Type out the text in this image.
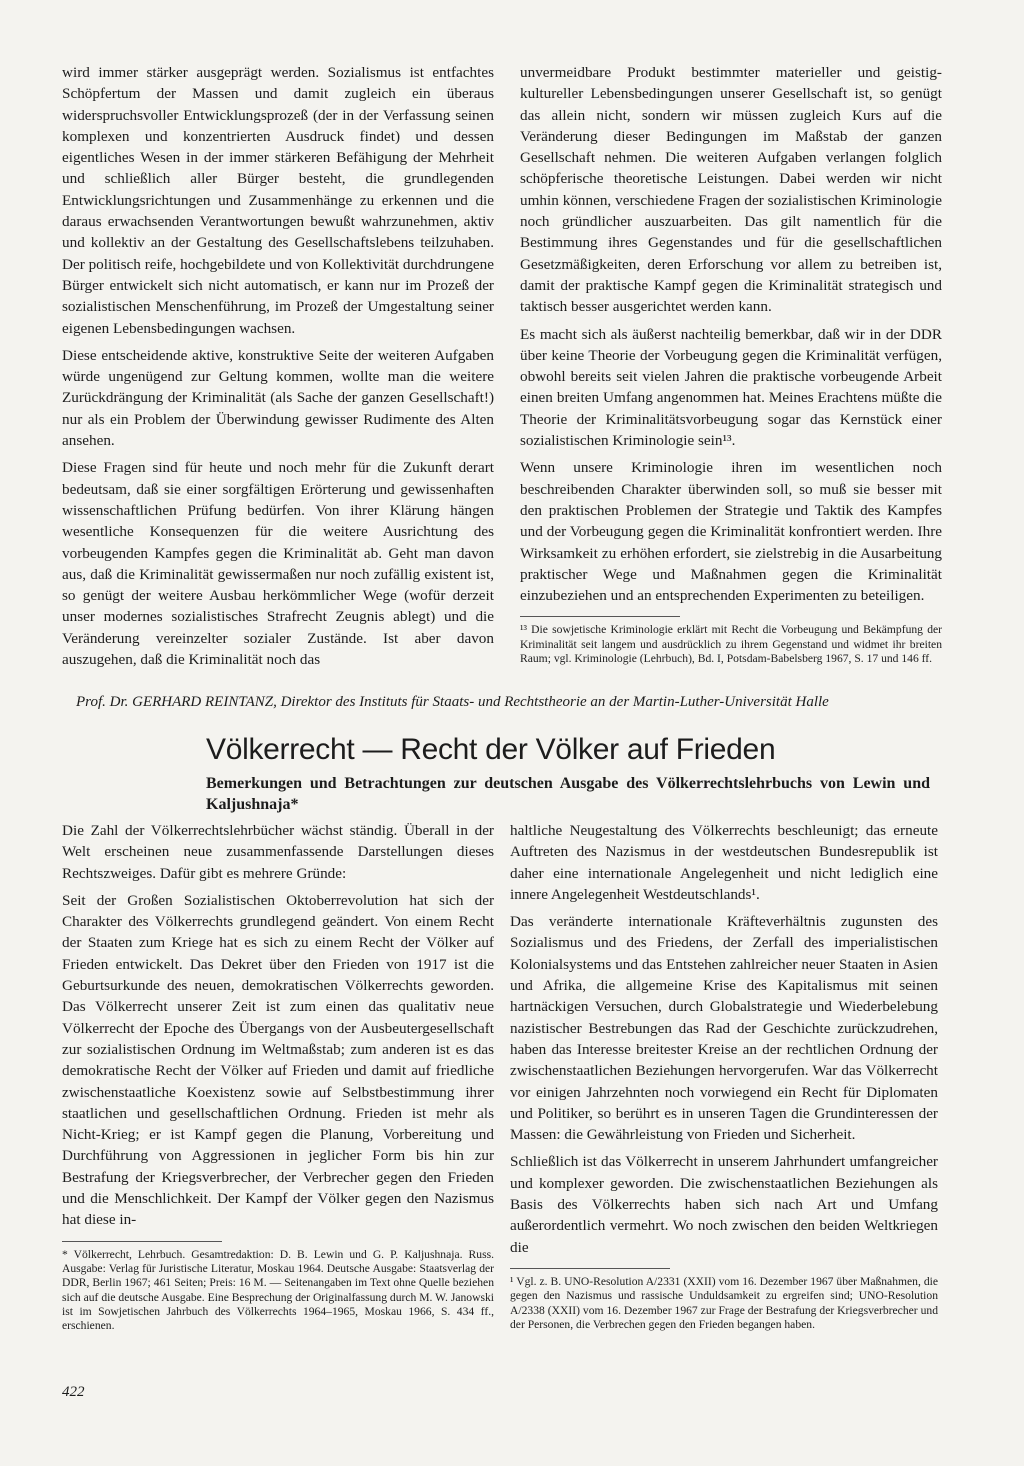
wird immer stärker ausgeprägt werden. Sozialismus ist entfachtes Schöpfertum der Massen und damit zugleich ein überaus widerspruchsvoller Entwicklungsprozeß (der in der Verfassung seinen komplexen und konzentrierten Ausdruck findet) und dessen eigentliches Wesen in der immer stärkeren Befähigung der Mehrheit und schließlich aller Bürger besteht, die grundlegenden Entwicklungsrichtungen und Zusammenhänge zu erkennen und die daraus erwachsenden Verantwortungen bewußt wahrzunehmen, aktiv und kollektiv an der Gestaltung des Gesellschaftslebens teilzuhaben. Der politisch reife, hochgebildete und von Kollektivität durchdrungene Bürger entwickelt sich nicht automatisch, er kann nur im Prozeß der sozialistischen Menschenführung, im Prozeß der Umgestaltung seiner eigenen Lebensbedingungen wachsen.

Diese entscheidende aktive, konstruktive Seite der weiteren Aufgaben würde ungenügend zur Geltung kommen, wollte man die weitere Zurückdrängung der Kriminalität (als Sache der ganzen Gesellschaft!) nur als ein Problem der Überwindung gewisser Rudimente des Alten ansehen.

Diese Fragen sind für heute und noch mehr für die Zukunft derart bedeutsam, daß sie einer sorgfältigen Erörterung und gewissenhaften wissenschaftlichen Prüfung bedürfen. Von ihrer Klärung hängen wesentliche Konsequenzen für die weitere Ausrichtung des vorbeugenden Kampfes gegen die Kriminalität ab. Geht man davon aus, daß die Kriminalität gewissermaßen nur noch zufällig existent ist, so genügt der weitere Ausbau herkömmlicher Wege (wofür derzeit unser modernes sozialistisches Strafrecht Zeugnis ablegt) und die Veränderung vereinzelter sozialer Zustände. Ist aber davon auszugehen, daß die Kriminalität noch das

unvermeidbare Produkt bestimmter materieller und geistig-kultureller Lebensbedingungen unserer Gesellschaft ist, so genügt das allein nicht, sondern wir müssen zugleich Kurs auf die Veränderung dieser Bedingungen im Maßstab der ganzen Gesellschaft nehmen. Die weiteren Aufgaben verlangen folglich schöpferische theoretische Leistungen. Dabei werden wir nicht umhin können, verschiedene Fragen der sozialistischen Kriminologie noch gründlicher auszuarbeiten. Das gilt namentlich für die Bestimmung ihres Gegenstandes und für die gesellschaftlichen Gesetzmäßigkeiten, deren Erforschung vor allem zu betreiben ist, damit der praktische Kampf gegen die Kriminalität strategisch und taktisch besser ausgerichtet werden kann.

Es macht sich als äußerst nachteilig bemerkbar, daß wir in der DDR über keine Theorie der Vorbeugung gegen die Kriminalität verfügen, obwohl bereits seit vielen Jahren die praktische vorbeugende Arbeit einen breiten Umfang angenommen hat. Meines Erachtens müßte die Theorie der Kriminalitätsvorbeugung sogar das Kernstück einer sozialistischen Kriminologie sein¹³.

Wenn unsere Kriminologie ihren im wesentlichen noch beschreibenden Charakter überwinden soll, so muß sie besser mit den praktischen Problemen der Strategie und Taktik des Kampfes und der Vorbeugung gegen die Kriminalität konfrontiert werden. Ihre Wirksamkeit zu erhöhen erfordert, sie zielstrebig in die Ausarbeitung praktischer Wege und Maßnahmen gegen die Kriminalität einzubeziehen und an entsprechenden Experimenten zu beteiligen.

¹³ Die sowjetische Kriminologie erklärt mit Recht die Vorbeugung und Bekämpfung der Kriminalität seit langem und ausdrücklich zu ihrem Gegenstand und widmet ihr breiten Raum; vgl. Kriminologie (Lehrbuch), Bd. I, Potsdam-Babelsberg 1967, S. 17 und 146 ff.
Prof. Dr. GERHARD REINTANZ, Direktor des Instituts für Staats- und Rechtstheorie an der Martin-Luther-Universität Halle
Völkerrecht — Recht der Völker auf Frieden
Bemerkungen und Betrachtungen zur deutschen Ausgabe des Völkerrechtslehrbuchs von Lewin und Kaljushnaja*

Die Zahl der Völkerrechtslehrbücher wächst ständig. Überall in der Welt erscheinen neue zusammenfassende Darstellungen dieses Rechtszweiges. Dafür gibt es mehrere Gründe:

Seit der Großen Sozialistischen Oktoberrevolution hat sich der Charakter des Völkerrechts grundlegend geändert. Von einem Recht der Staaten zum Kriege hat es sich zu einem Recht der Völker auf Frieden entwickelt. Das Dekret über den Frieden von 1917 ist die Geburtsurkunde des neuen, demokratischen Völkerrechts geworden. Das Völkerrecht unserer Zeit ist zum einen das qualitativ neue Völkerrecht der Epoche des Übergangs von der Ausbeutergesellschaft zur sozialistischen Ordnung im Weltmaßstab; zum anderen ist es das demokratische Recht der Völker auf Frieden und damit auf friedliche zwischenstaatliche Koexistenz sowie auf Selbstbestimmung ihrer staatlichen und gesellschaftlichen Ordnung. Frieden ist mehr als Nicht-Krieg; er ist Kampf gegen die Planung, Vorbereitung und Durchführung von Aggressionen in jeglicher Form bis hin zur Bestrafung der Kriegsverbrecher, der Verbrecher gegen den Frieden und die Menschlichkeit. Der Kampf der Völker gegen den Nazismus hat diese in-

* Völkerrecht, Lehrbuch. Gesamtredaktion: D. B. Lewin und G. P. Kaljushnaja. Russ. Ausgabe: Verlag für Juristische Literatur, Moskau 1964. Deutsche Ausgabe: Staatsverlag der DDR, Berlin 1967; 461 Seiten; Preis: 16 M. — Seitenangaben im Text ohne Quelle beziehen sich auf die deutsche Ausgabe. Eine Besprechung der Originalfassung durch M. W. Janowski ist im Sowjetischen Jahrbuch des Völkerrechts 1964–1965, Moskau 1966, S. 434 ff., erschienen.

haltliche Neugestaltung des Völkerrechts beschleunigt; das erneute Auftreten des Nazismus in der westdeutschen Bundesrepublik ist daher eine internationale Angelegenheit und nicht lediglich eine innere Angelegenheit Westdeutschlands¹.

Das veränderte internationale Kräfteverhältnis zugunsten des Sozialismus und des Friedens, der Zerfall des imperialistischen Kolonialsystems und das Entstehen zahlreicher neuer Staaten in Asien und Afrika, die allgemeine Krise des Kapitalismus mit seinen hartnäckigen Versuchen, durch Globalstrategie und Wiederbelebung nazistischer Bestrebungen das Rad der Geschichte zurückzudrehen, haben das Interesse breitester Kreise an der rechtlichen Ordnung der zwischenstaatlichen Beziehungen hervorgerufen. War das Völkerrecht vor einigen Jahrzehnten noch vorwiegend ein Recht für Diplomaten und Politiker, so berührt es in unseren Tagen die Grundinteressen der Massen: die Gewährleistung von Frieden und Sicherheit.

Schließlich ist das Völkerrecht in unserem Jahrhundert umfangreicher und komplexer geworden. Die zwischenstaatlichen Beziehungen als Basis des Völkerrechts haben sich nach Art und Umfang außerordentlich vermehrt. Wo noch zwischen den beiden Weltkriegen die

¹ Vgl. z. B. UNO-Resolution A/2331 (XXII) vom 16. Dezember 1967 über Maßnahmen, die gegen den Nazismus und rassische Unduldsamkeit zu ergreifen sind; UNO-Resolution A/2338 (XXII) vom 16. Dezember 1967 zur Frage der Bestrafung der Kriegsverbrecher und der Personen, die Verbrechen gegen den Frieden begangen haben.
422
